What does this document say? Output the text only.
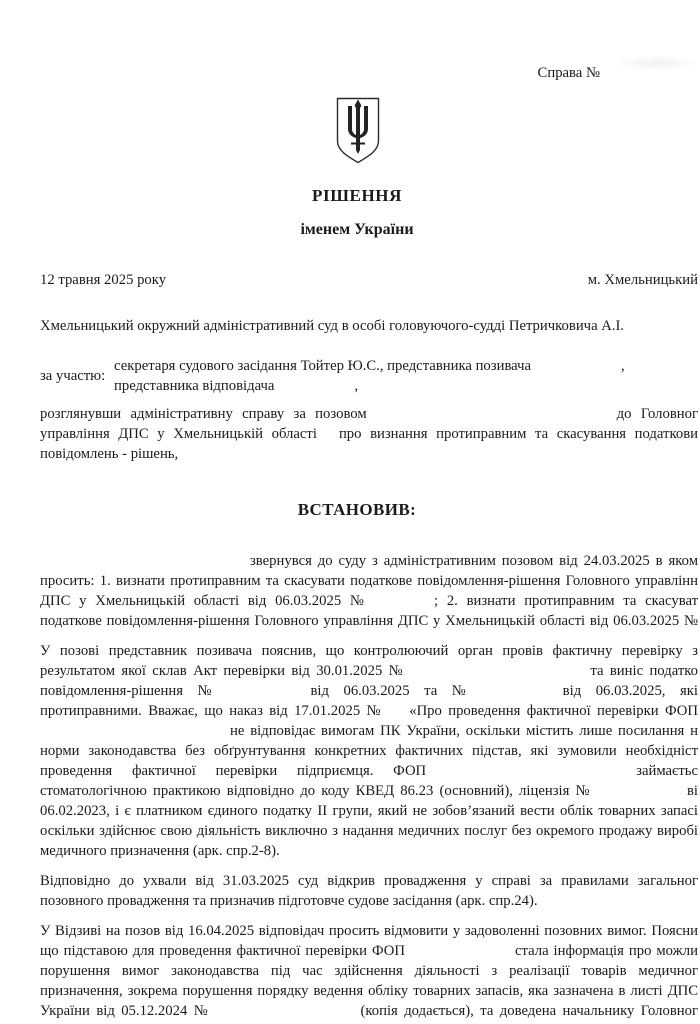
Справа №
РІШЕННЯ
іменем України
12 травня 2025 року	м. Хмельницький
Хмельницький окружний адміністративний суд в особі головуючого-судді Петричковича А.І.
за участю:
секретаря судового засідання Тойтер Ю.С., представника позивача	,
представника відповідача	,
розглянувши адміністративну справу за позовом	до Головног
управління ДПС у Хмельницькій області про визнання протиправним та скасування податкови
повідомлень - рішень,
ВСТАНОВИВ:
звернувся до суду з адміністративним позовом від 24.03.2025 в яком
просить: 1. визнати протиправним та скасувати податкове повідомлення-рішення Головного управлінн
ДПС у Хмельницькій області від 06.03.2025 №	; 2. визнати протиправним та скасуват
податкове повідомлення-рішення Головного управління ДПС у Хмельницькій області від 06.03.2025 №
У позові представник позивача пояснив, що контролюючий орган провів фактичну перевірку з
результатом якої склав Акт перевірки від 30.01.2025 №	та виніс податко
повідомлення-рішення №	від 06.03.2025 та №	від 06.03.2025, які
протиправними. Вважає, що наказ від 17.01.2025 № «Про проведення фактичної перевірки ФОП
не відповідає вимогам ПК України, оскільки містить лише посилання н
норми законодавства без обґрунтування конкретних фактичних підстав, які зумовили необхідніст
проведення фактичної перевірки підприємця. ФОП	займаєтьс
стоматологічною практикою відповідно до коду КВЕД 86.23 (основний), ліцензія №	ві
06.02.2023, і є платником єдиного податку ІІ групи, який не зобов’язаний вести облік товарних запасі
оскільки здійснює свою діяльність виключно з надання медичних послуг без окремого продажу виробі
медичного призначення (арк. спр.2-8).
Відповідно до ухвали від 31.03.2025 суд відкрив провадження у справі за правилами загальног
позовного провадження та призначив підготовче судове засідання (арк. спр.24).
У Відзиві на позов від 16.04.2025 відповідач просить відмовити у задоволенні позовних вимог. Поясни
що підставою для проведення фактичної перевірки ФОП	стала інформація про можли
порушення вимог законодавства під час здійснення діяльності з реалізації товарів медичног
призначення, зокрема порушення порядку ведення обліку товарних запасів, яка зазначена в листі ДПС
України від 05.12.2024 №	(копія додається), та доведена начальнику Головног
